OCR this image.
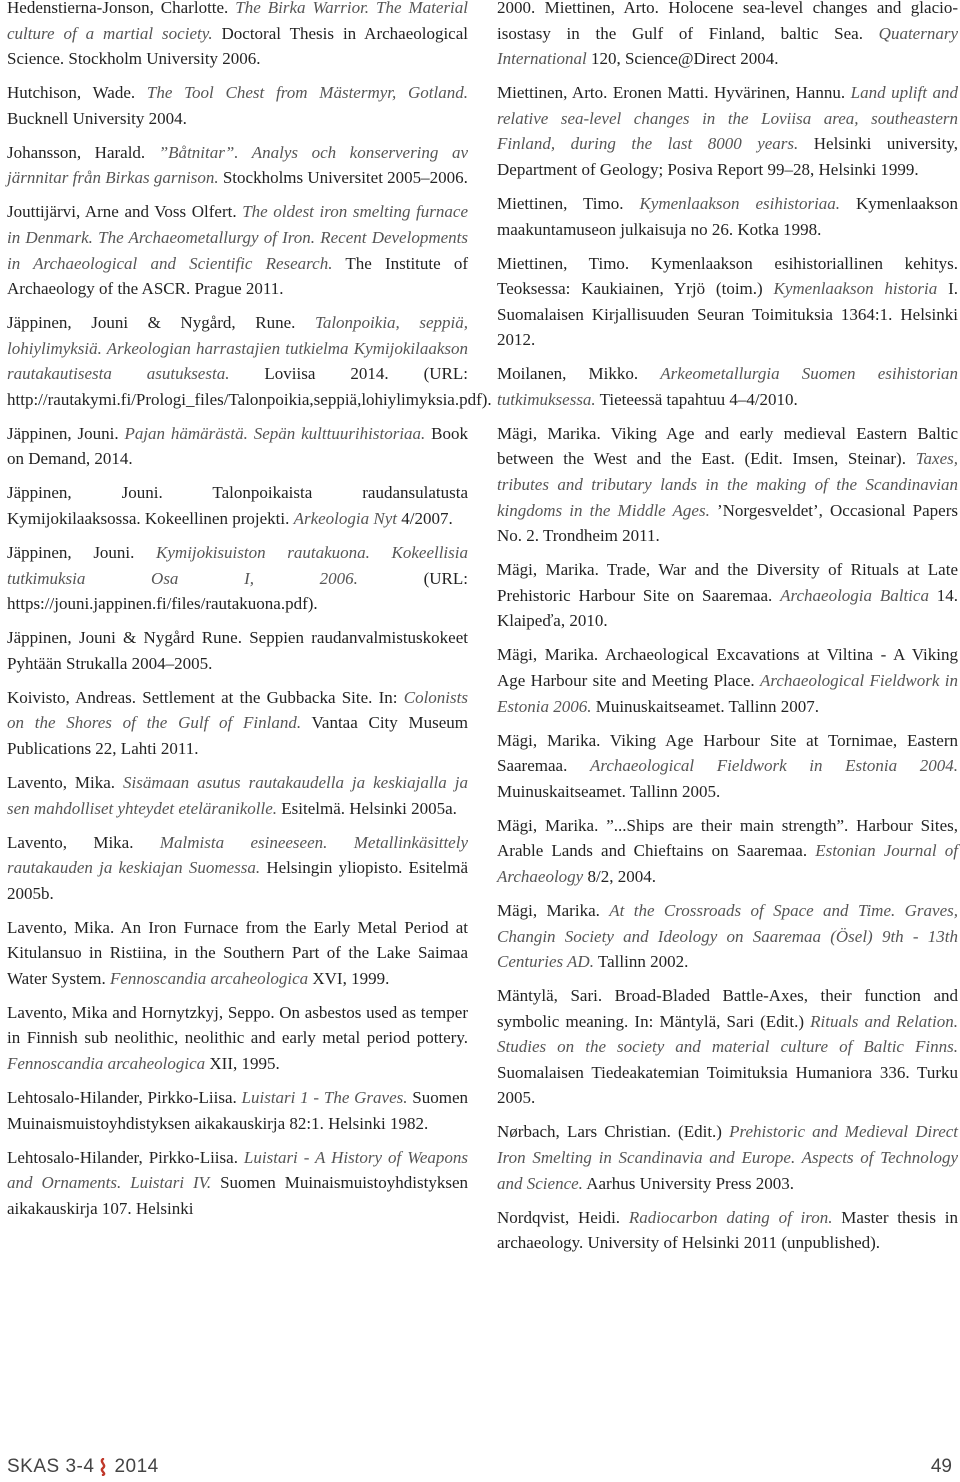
Hedenstierna-Jonson, Charlotte. The Birka Warrior. The Material culture of a martial society. Doctoral Thesis in Archaeological Science. Stockholm University 2006.

Hutchison, Wade. The Tool Chest from Mästermyr, Gotland. Bucknell University 2004.

Johansson, Harald. ”Båtnitar”. Analys och konservering av järnnitar från Birkas garnison. Stockholms Universitet 2005–2006.

Jouttijärvi, Arne and Voss Olfert. The oldest iron smelting furnace in Denmark. The Archaeometallurgy of Iron. Recent Developments in Archaeological and Scientific Research. The Institute of Archaeology of the ASCR. Prague 2011.

Jäppinen, Jouni & Nygård, Rune. Talonpoikia, seppiä, lohiylimyksiä. Arkeologian harrastajien tutkielma Kymijokilaakson rautakautisesta asutuksesta. Loviisa 2014. (URL: http://rautakymi.fi/Prologi_files/Talonpoikia,seppiä,lohiylimyksia.pdf).

Jäppinen, Jouni. Pajan hämärästä. Sepän kulttuurihistoriaa. Book on Demand, 2014.

Jäppinen, Jouni. Talonpoikaista raudansulatusta Kymijokilaaksossa. Kokeellinen projekti. Arkeologia Nyt 4/2007.

Jäppinen, Jouni. Kymijokisuiston rautakuona. Kokeellisia tutkimuksia Osa I, 2006. (URL: https://jouni.jappinen.fi/files/rautakuona.pdf).

Jäppinen, Jouni & Nygård Rune. Seppien raudanvalmistuskokeet Pyhtään Strukalla 2004–2005.

Koivisto, Andreas. Settlement at the Gubbacka Site. In: Colonists on the Shores of the Gulf of Finland. Vantaa City Museum Publications 22, Lahti 2011.

Lavento, Mika. Sisämaan asutus rautakaudella ja keskiajalla ja sen mahdolliset yhteydet eteläranikolle. Esitelmä. Helsinki 2005a.

Lavento, Mika. Malmista esineeseen. Metallinkäsittely rautakauden ja keskiajan Suomessa. Helsingin yliopisto. Esitelmä 2005b.

Lavento, Mika. An Iron Furnace from the Early Metal Period at Kitulansuo in Ristiina, in the Southern Part of the Lake Saimaa Water System. Fennoscandia arcaheologica XVI, 1999.

Lavento, Mika and Hornytzkyj, Seppo. On asbestos used as temper in Finnish sub neolithic, neolithic and early metal period pottery. Fennoscandia arcaheologica XII, 1995.

Lehtosalo-Hilander, Pirkko-Liisa. Luistari 1 - The Graves. Suomen Muinaismuistoyhdistyksen aikakauskirja 82:1. Helsinki 1982.

Lehtosalo-Hilander, Pirkko-Liisa. Luistari - A History of Weapons and Ornaments. Luistari IV. Suomen Muinaismuistoyhdistyksen aikakauskirja 107. Helsinki

2000. Miettinen, Arto. Holocene sea-level changes and glacio-isostasy in the Gulf of Finland, baltic Sea. Quaternary International 120, Science@Direct 2004.

Miettinen, Arto. Eronen Matti. Hyvärinen, Hannu. Land uplift and relative sea-level changes in the Loviisa area, southeastern Finland, during the last 8000 years. Helsinki university, Department of Geology; Posiva Report 99–28, Helsinki 1999.

Miettinen, Timo. Kymenlaakson esihistoriaa. Kymenlaakson maakuntamuseon julkaisuja no 26. Kotka 1998.

Miettinen, Timo. Kymenlaakson esihistoriallinen kehitys. Teoksessa: Kaukiainen, Yrjö (toim.) Kymenlaakson historia I. Suomalaisen Kirjallisuuden Seuran Toimituksia 1364:1. Helsinki 2012.

Moilanen, Mikko. Arkeometallurgia Suomen esihistorian tutkimuksessa. Tieteessä tapahtuu 4–4/2010.

Mägi, Marika. Viking Age and early medieval Eastern Baltic between the West and the East. (Edit. Imsen, Steinar). Taxes, tributes and tributary lands in the making of the Scandinavian kingdoms in the Middle Ages. ’Norgesveldet’, Occasional Papers No. 2. Trondheim 2011.

Mägi, Marika. Trade, War and the Diversity of Rituals at Late Prehistoric Harbour Site on Saaremaa. Archaeologia Baltica 14. Klaipeďa, 2010.

Mägi, Marika. Archaeological Excavations at Viltina - A Viking Age Harbour site and Meeting Place. Archaeological Fieldwork in Estonia 2006. Muinuskaitseamet. Tallinn 2007.

Mägi, Marika. Viking Age Harbour Site at Tornimae, Eastern Saaremaa. Archaeological Fieldwork in Estonia 2004. Muinuskaitseamet. Tallinn 2005.

Mägi, Marika. ”...Ships are their main strength”. Harbour Sites, Arable Lands and Chieftains on Saaremaa. Estonian Journal of Archaeology 8/2, 2004.

Mägi, Marika. At the Crossroads of Space and Time. Graves, Changin Society and Ideology on Saaremaa (Ösel) 9th - 13th Centuries AD. Tallinn 2002.

Mäntylä, Sari. Broad-Bladed Battle-Axes, their function and symbolic meaning. In: Mäntylä, Sari (Edit.) Rituals and Relation. Studies on the society and material culture of Baltic Finns. Suomalaisen Tiedeakatemian Toimituksia Humaniora 336. Turku 2005.

Nørbach, Lars Christian. (Edit.) Prehistoric and Medieval Direct Iron Smelting in Scandinavia and Europe. Aspects of Technology and Science. Aarhus University Press 2003.

Nordqvist, Heidi. Radiocarbon dating of iron. Master thesis in archaeology. University of Helsinki 2011 (unpublished).

SKAS 3-4 2014	49
